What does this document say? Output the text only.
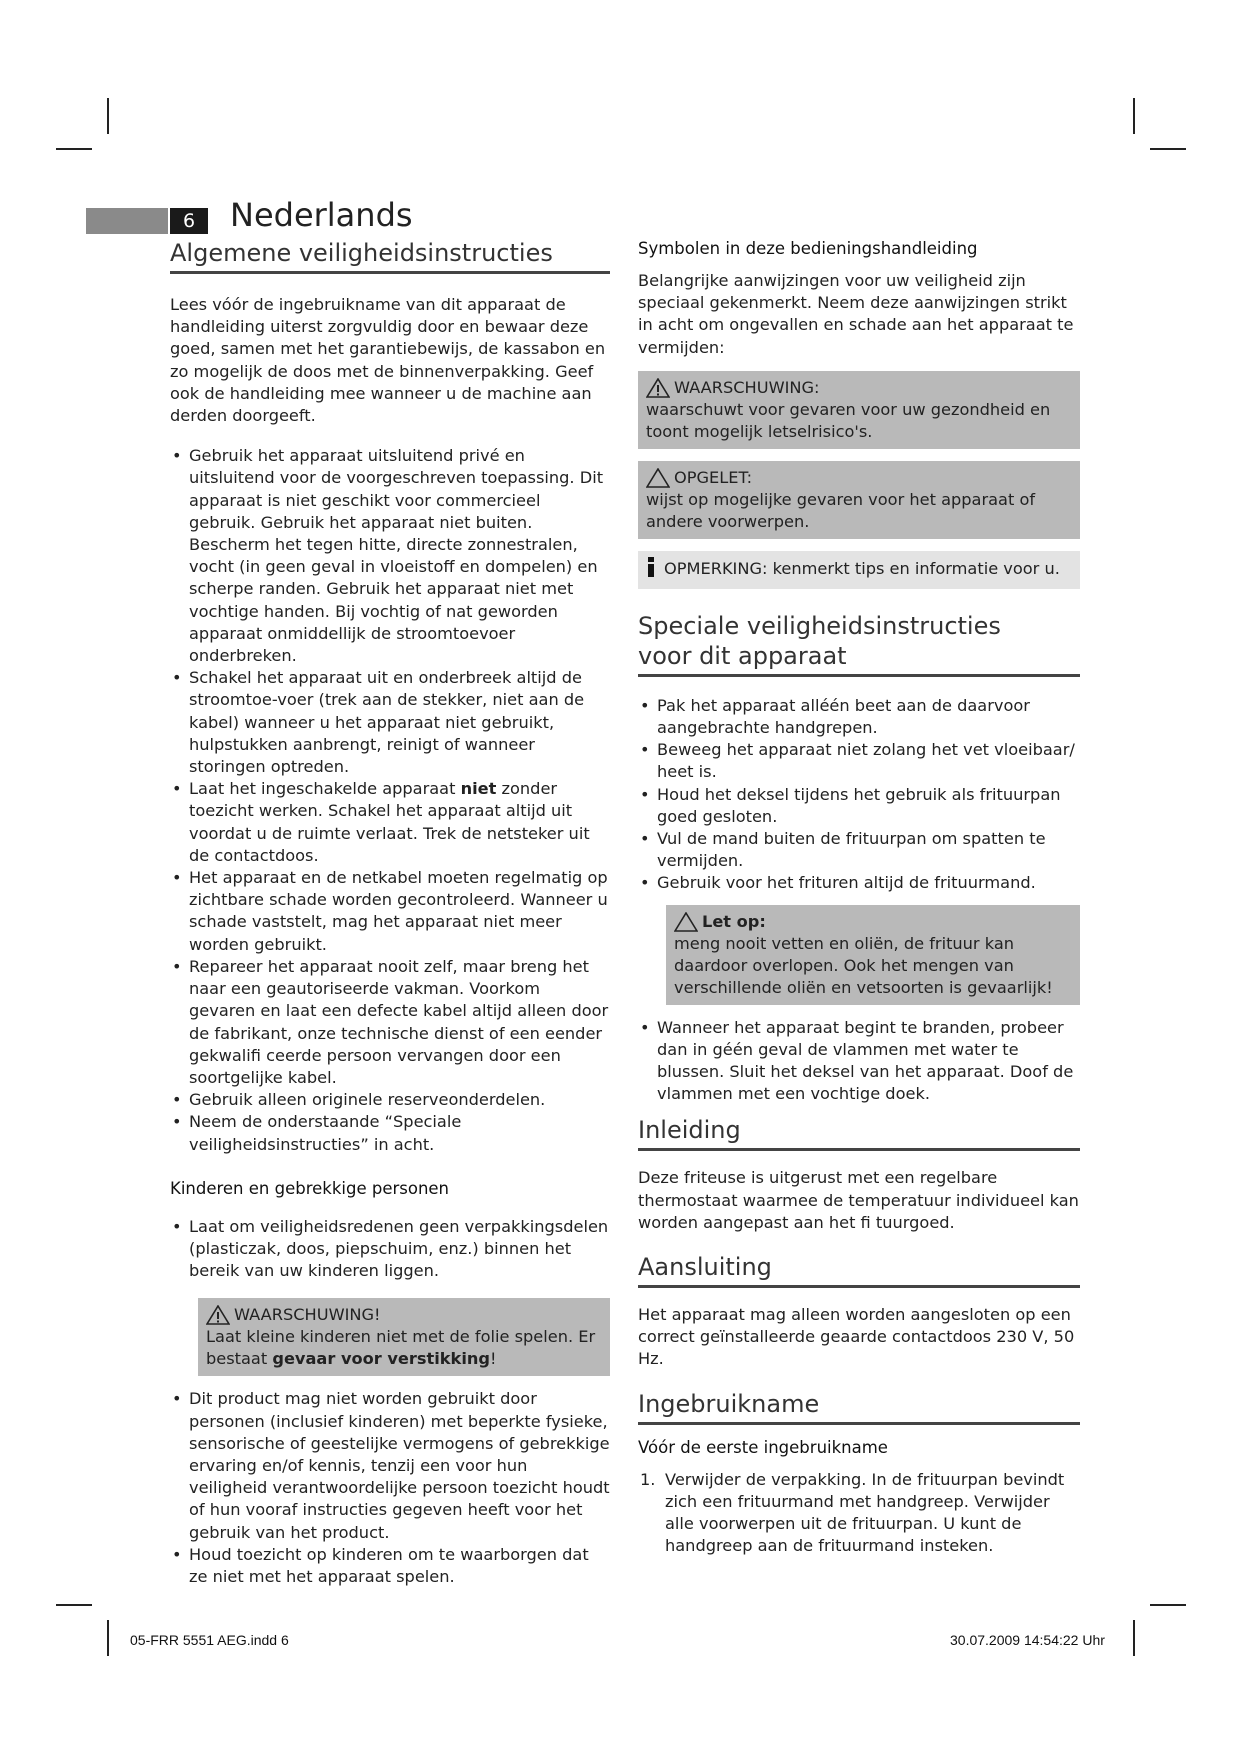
6	Nederlands
Algemene veiligheidsinstructies

Lees vóór de ingebruikname van dit apparaat de handleiding uiterst zorgvuldig door en bewaar deze goed, samen met het garantiebewijs, de kassabon en zo mogelijk de doos met de binnenverpakking. Geef ook de handleiding mee wanneer u de machine aan derden doorgeeft.

• Gebruik het apparaat uitsluitend privé en uitsluitend voor de voorgeschreven toepassing. Dit apparaat is niet geschikt voor commercieel gebruik. Gebruik het apparaat niet buiten. Bescherm het tegen hitte, directe zonnestralen, vocht (in geen geval in vloeistoff en dompelen) en scherpe randen. Gebruik het apparaat niet met vochtige handen. Bij vochtig of nat geworden apparaat onmiddellijk de stroomtoevoer onderbreken.
• Schakel het apparaat uit en onderbreek altijd de stroomtoe-voer (trek aan de stekker, niet aan de kabel) wanneer u het apparaat niet gebruikt, hulpstukken aanbrengt, reinigt of wanneer storingen optreden.
• Laat het ingeschakelde apparaat niet zonder toezicht werken. Schakel het apparaat altijd uit voordat u de ruimte verlaat. Trek de netsteker uit de contactdoos.
• Het apparaat en de netkabel moeten regelmatig op zichtbare schade worden gecontroleerd. Wanneer u schade vaststelt, mag het apparaat niet meer worden gebruikt.
• Repareer het apparaat nooit zelf, maar breng het naar een geautoriseerde vakman. Voorkom gevaren en laat een defecte kabel altijd alleen door de fabrikant, onze technische dienst of een eender gekwalifi ceerde persoon vervangen door een soortgelijke kabel.
• Gebruik alleen originele reserveonderdelen.
• Neem de onderstaande “Speciale veiligheidsinstructies” in acht.
Kinderen en gebrekkige personen
• Laat om veiligheidsredenen geen verpakkingsdelen (plasticzak, doos, piepschuim, enz.) binnen het bereik van uw kinderen liggen.
WAARSCHUWING!
Laat kleine kinderen niet met de folie spelen. Er bestaat gevaar voor verstikking!
• Dit product mag niet worden gebruikt door personen (inclusief kinderen) met beperkte fysieke, sensorische of geestelijke vermogens of gebrekkige ervaring en/of kennis, tenzij een voor hun veiligheid verantwoordelijke persoon toezicht houdt of hun vooraf instructies gegeven heeft voor het gebruik van het product.
• Houd toezicht op kinderen om te waarborgen dat ze niet met het apparaat spelen.
Symbolen in deze bedieningshandleiding

Belangrijke aanwijzingen voor uw veiligheid zijn speciaal gekenmerkt. Neem deze aanwijzingen strikt in acht om ongevallen en schade aan het apparaat te vermijden:

WAARSCHUWING:
waarschuwt voor gevaren voor uw gezondheid en toont mogelijk letselrisico's.
OPGELET:
wijst op mogelijke gevaren voor het apparaat of andere voorwerpen.
OPMERKING: kenmerkt tips en informatie voor u.
Speciale veiligheidsinstructies
voor dit apparaat
• Pak het apparaat alléén beet aan de daarvoor aangebrachte handgrepen.
• Beweeg het apparaat niet zolang het vet vloeibaar/ heet is.
• Houd het deksel tijdens het gebruik als frituurpan goed gesloten.
• Vul de mand buiten de frituurpan om spatten te vermijden.
• Gebruik voor het frituren altijd de frituurmand.
Let op:
meng nooit vetten en oliën, de frituur kan daardoor overlopen. Ook het mengen van verschillende oliën en vetsoorten is gevaarlijk!
• Wanneer het apparaat begint te branden, probeer dan in géén geval de vlammen met water te blussen. Sluit het deksel van het apparaat. Doof de vlammen met een vochtige doek.
Inleiding

Deze friteuse is uitgerust met een regelbare thermostaat waarmee de temperatuur individueel kan worden aangepast aan het fi tuurgoed.

Aansluiting

Het apparaat mag alleen worden aangesloten op een correct geïnstalleerde geaarde contactdoos 230 V, 50 Hz.

Ingebruikname
Vóór de eerste ingebruikname
1. Verwijder de verpakking. In de frituurpan bevindt zich een frituurmand met handgreep. Verwijder alle voorwerpen uit de frituurpan. U kunt de handgreep aan de frituurmand insteken.
05-FRR 5551 AEG.indd 6	30.07.2009 14:54:22 Uhr
